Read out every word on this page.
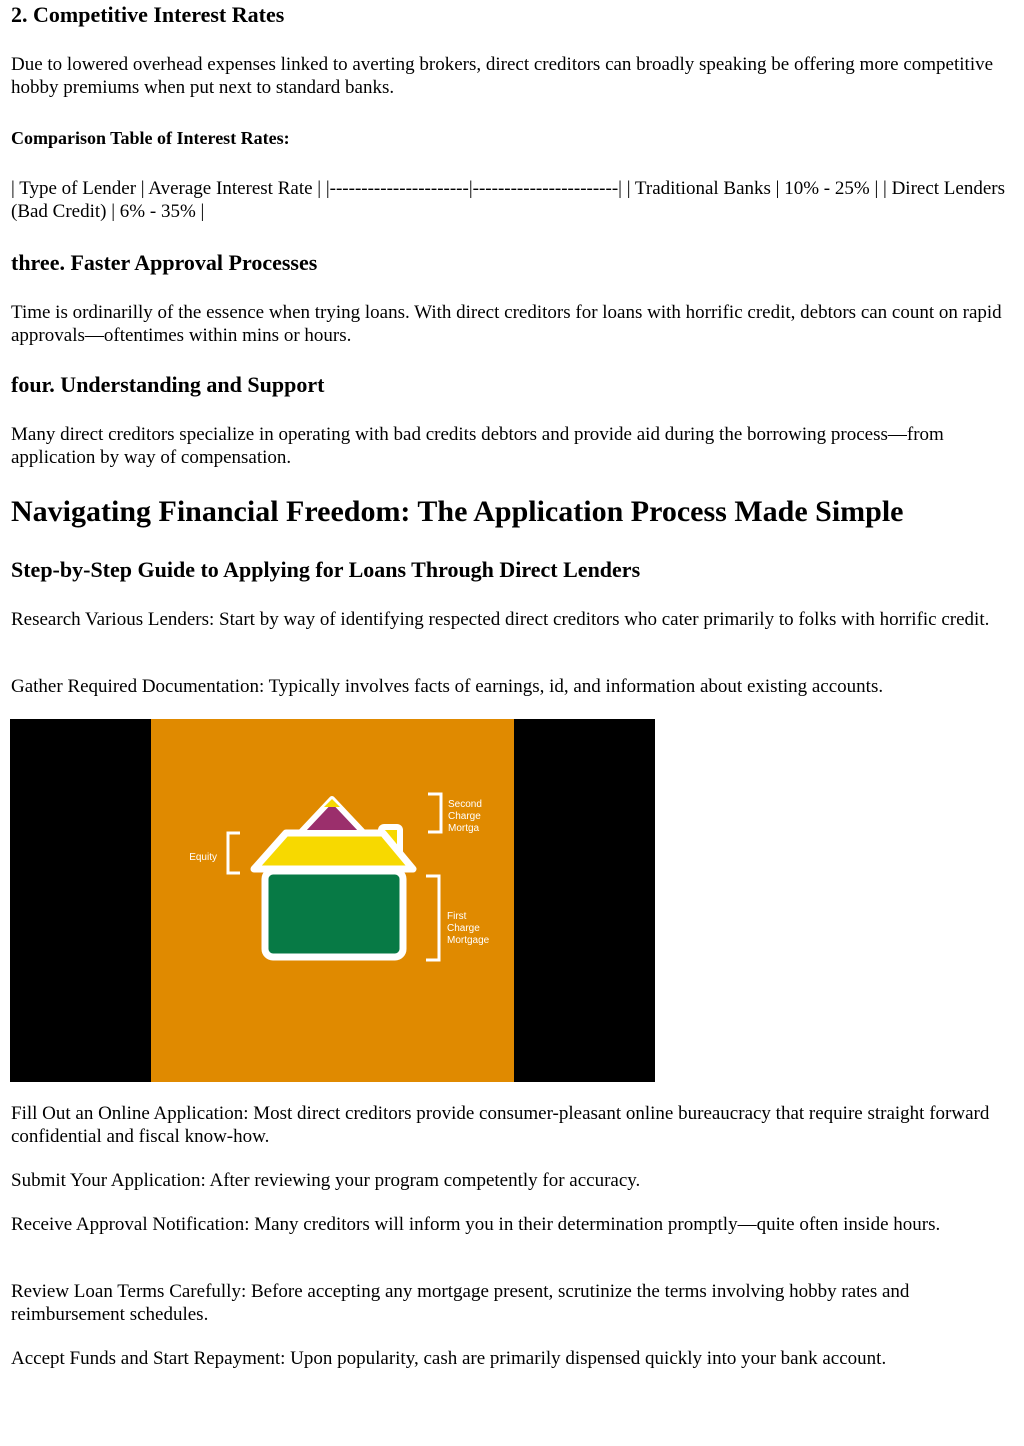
2. Competitive Interest Rates

Due to lowered overhead expenses linked to averting brokers, direct creditors can broadly speaking be offering more competitive hobby premiums when put next to standard banks.

Comparison Table of Interest Rates:

| Type of Lender | Average Interest Rate | |----------------------|-----------------------| | Traditional Banks | 10% - 25% | | Direct Lenders (Bad Credit) | 6% - 35% |

three. Faster Approval Processes

Time is ordinarilly of the essence when trying loans. With direct creditors for loans with horrific credit, debtors can count on rapid approvals—oftentimes within mins or hours.

four. Understanding and Support

Many direct creditors specialize in operating with bad credits debtors and provide aid during the borrowing process—from application by way of compensation.

Navigating Financial Freedom: The Application Process Made Simple
Step-by-Step Guide to Applying for Loans Through Direct Lenders

Research Various Lenders: Start by way of identifying respected direct creditors who cater primarily to folks with horrific credit.

Gather Required Documentation: Typically involves facts of earnings, id, and information about existing accounts.

Equity
Second
Charge
Mortga
First
Charge
Mortgage

Fill Out an Online Application: Most direct creditors provide consumer-pleasant online bureaucracy that require straight forward confidential and fiscal know-how.

Submit Your Application: After reviewing your program competently for accuracy.

Receive Approval Notification: Many creditors will inform you in their determination promptly—quite often inside hours.

Review Loan Terms Carefully: Before accepting any mortgage present, scrutinize the terms involving hobby rates and reimbursement schedules.

Accept Funds and Start Repayment: Upon popularity, cash are primarily dispensed quickly into your bank account.
